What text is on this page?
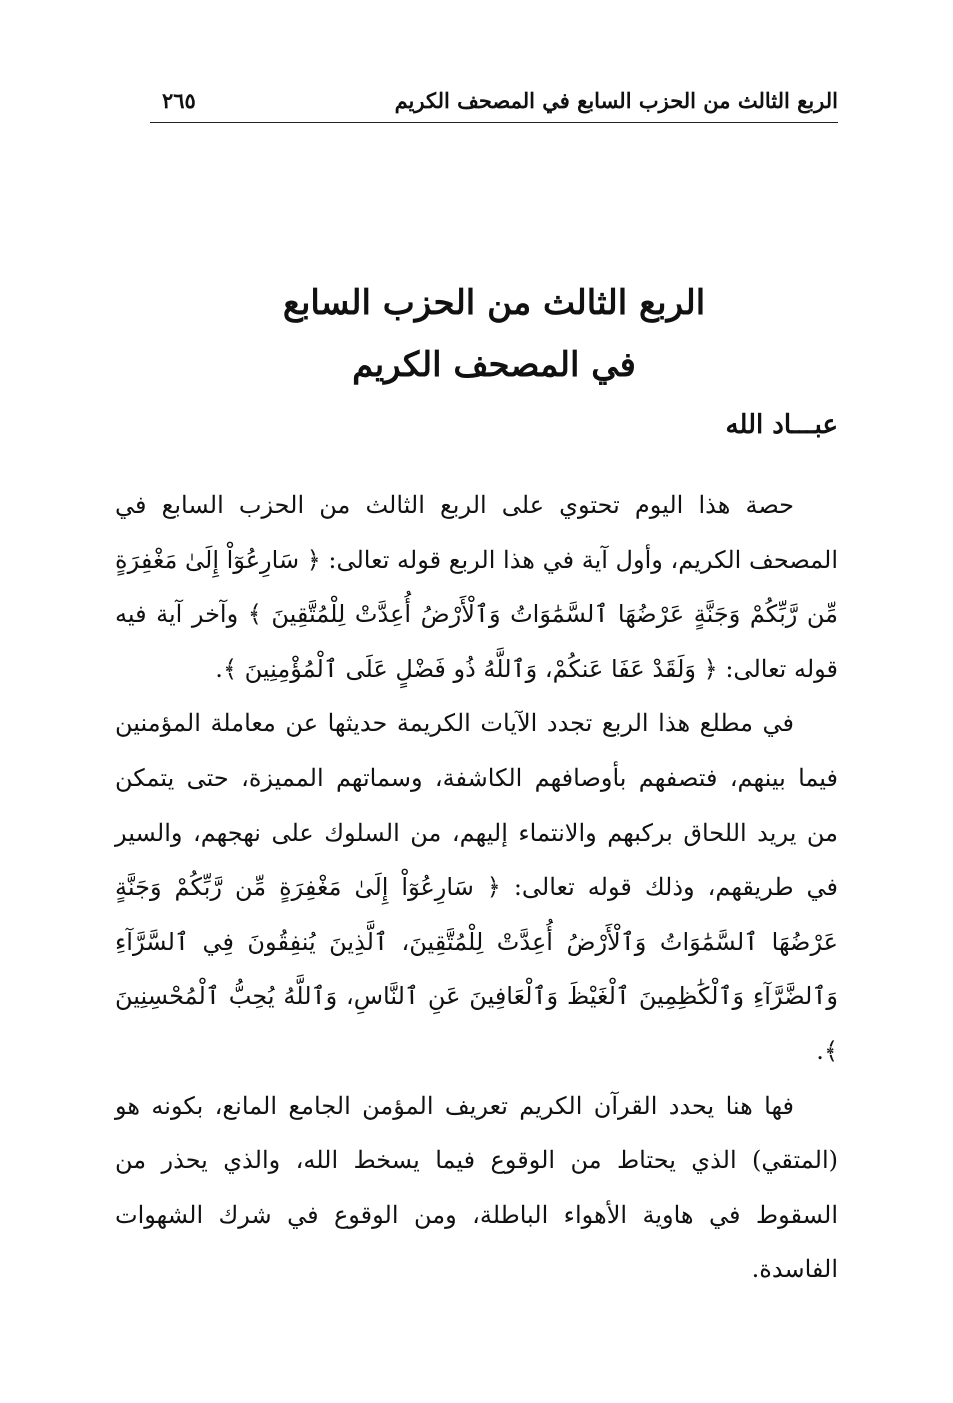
الربع الثالث من الحزب السابع في المصحف الكريم
٢٦٥
الربع الثالث من الحزب السابع
في المصحف الكريم
عبـــاد الله

حصة هذا اليوم تحتوي على الربع الثالث من الحزب السابع في المصحف الكريم، وأول آية في هذا الربع قوله تعالى: ﴿ سَارِعُوٓاْ إِلَىٰ مَغْفِرَةٍ مِّن رَّبِّكُمْ وَجَنَّةٍ عَرْضُهَا ٱلسَّمَٰوَاتُ وَٱلْأَرْضُ أُعِدَّتْ لِلْمُتَّقِينَ ﴾ وآخر آية فيه قوله تعالى: ﴿ وَلَقَدْ عَفَا عَنكُمْ، وَٱللَّهُ ذُو فَضْلٍ عَلَى ٱلْمُؤْمِنِينَ ﴾.

في مطلع هذا الربع تجدد الآيات الكريمة حديثها عن معاملة المؤمنين فيما بينهم، فتصفهم بأوصافهم الكاشفة، وسماتهم المميزة، حتى يتمكن من يريد اللحاق بركبهم والانتماء إليهم، من السلوك على نهجهم، والسير في طريقهم، وذلك قوله تعالى: ﴿ سَارِعُوٓاْ إِلَىٰ مَغْفِرَةٍ مِّن رَّبِّكُمْ وَجَنَّةٍ عَرْضُهَا ٱلسَّمَٰوَاتُ وَٱلْأَرْضُ أُعِدَّتْ لِلْمُتَّقِينَ، ٱلَّذِينَ يُنفِقُونَ فِي ٱلسَّرَّآءِ وَٱلضَّرَّآءِ وَٱلْكَٰظِمِينَ ٱلْغَيْظَ وَٱلْعَافِينَ عَنِ ٱلنَّاسِ، وَٱللَّهُ يُحِبُّ ٱلْمُحْسِنِينَ ﴾.

فها هنا يحدد القرآن الكريم تعريف المؤمن الجامع المانع، بكونه هو (المتقي) الذي يحتاط من الوقوع فيما يسخط الله، والذي يحذر من السقوط في هاوية الأهواء الباطلة، ومن الوقوع في شرك الشهوات الفاسدة.
